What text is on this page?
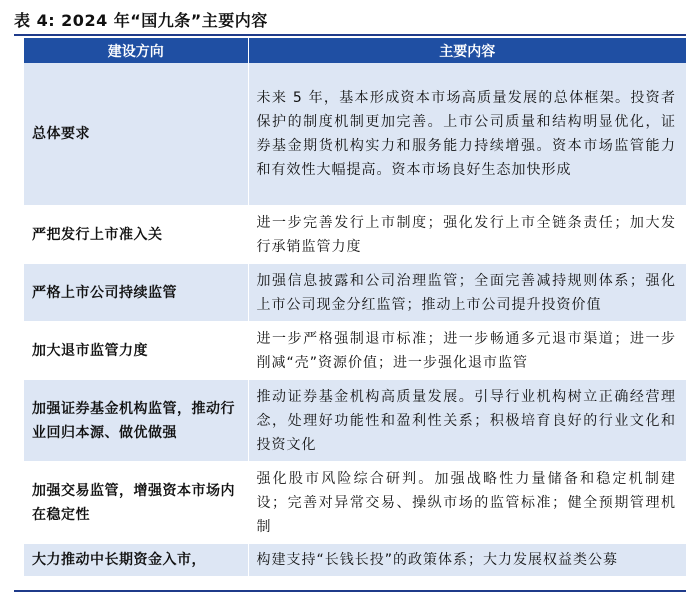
表 4: 2024 年“国九条”主要内容
建设方向	主要内容
总体要求	未来 5 年，基本形成资本市场高质量发展的总体框架。投资者保护的制度机制更加完善。上市公司质量和结构明显优化，证券基金期货机构实力和服务能力持续增强。资本市场监管能力和有效性大幅提高。资本市场良好生态加快形成
严把发行上市准入关	进一步完善发行上市制度；强化发行上市全链条责任；加大发行承销监管力度
严格上市公司持续监管	加强信息披露和公司治理监管；全面完善减持规则体系；强化上市公司现金分红监管；推动上市公司提升投资价值
加大退市监管力度	进一步严格强制退市标准；进一步畅通多元退市渠道；进一步削减“壳”资源价值；进一步强化退市监管
加强证券基金机构监管，推动行业回归本源、做优做强	推动证券基金机构高质量发展。引导行业机构树立正确经营理念，处理好功能性和盈利性关系；积极培育良好的行业文化和投资文化
加强交易监管，增强资本市场内在稳定性	强化股市风险综合研判。加强战略性力量储备和稳定机制建设；完善对异常交易、操纵市场的监管标准；健全预期管理机制
大力推动中长期资金入市，	构建支持“长钱长投”的政策体系；大力发展权益类公募
